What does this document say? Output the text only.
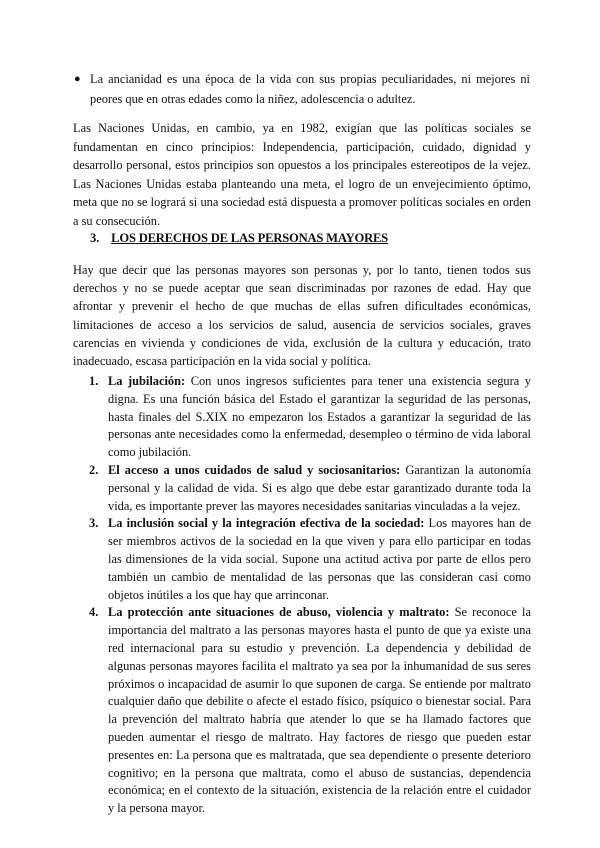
● La ancianidad es una época de la vida con sus propias peculiaridades, ni mejores ni peores que en otras edades como la niñez, adolescencia o adultez.
Las Naciones Unidas, en cambio, ya en 1982, exigían que las políticas sociales se fundamentan en cinco principios: Independencia, participación, cuidado, dignidad y desarrollo personal, estos principios son opuestos a los principales estereotipos de la vejez. Las Naciones Unidas estaba planteando una meta, el logro de un envejecimiento óptimo, meta que no se logrará si una sociedad está dispuesta a promover políticas sociales en orden a su consecución.
3. LOS DERECHOS DE LAS PERSONAS MAYORES
Hay que decir que las personas mayores son personas y, por lo tanto, tienen todos sus derechos y no se puede aceptar que sean discriminadas por razones de edad. Hay que afrontar y prevenir el hecho de que muchas de ellas sufren dificultades económicas, limitaciones de acceso a los servicios de salud, ausencia de servicios sociales, graves carencias en vivienda y condiciones de vida, exclusión de la cultura y educación, trato inadecuado, escasa participación en la vida social y política.
1. La jubilación: Con unos ingresos suficientes para tener una existencia segura y digna. Es una función básica del Estado el garantizar la seguridad de las personas, hasta finales del S.XIX no empezaron los Estados a garantizar la seguridad de las personas ante necesidades como la enfermedad, desempleo o término de vida laboral como jubilación.
2. El acceso a unos cuidados de salud y sociosanitarios: Garantizan la autonomía personal y la calidad de vida. Si es algo que debe estar garantizado durante toda la vida, es importante prever las mayores necesidades sanitarias vinculadas a la vejez.
3. La inclusión social y la integración efectiva de la sociedad: Los mayores han de ser miembros activos de la sociedad en la que viven y para ello participar en todas las dimensiones de la vida social. Supone una actitud activa por parte de ellos pero también un cambio de mentalidad de las personas que las consideran casi como objetos inútiles a los que hay que arrinconar.
4. La protección ante situaciones de abuso, violencia y maltrato: Se reconoce la importancia del maltrato a las personas mayores hasta el punto de que ya existe una red internacional para su estudio y prevención. La dependencia y debilidad de algunas personas mayores facilita el maltrato ya sea por la inhumanidad de sus seres próximos o incapacidad de asumir lo que suponen de carga. Se entiende por maltrato cualquier daño que debilite o afecte el estado físico, psíquico o bienestar social. Para la prevención del maltrato habría que atender lo que se ha llamado factores que pueden aumentar el riesgo de maltrato. Hay factores de riesgo que pueden estar presentes en: La persona que es maltratada, que sea dependiente o presente deterioro cognitivo; en la persona que maltrata, como el abuso de sustancias, dependencia económica; en el contexto de la situación, existencia de la relación entre el cuidador y la persona mayor.
